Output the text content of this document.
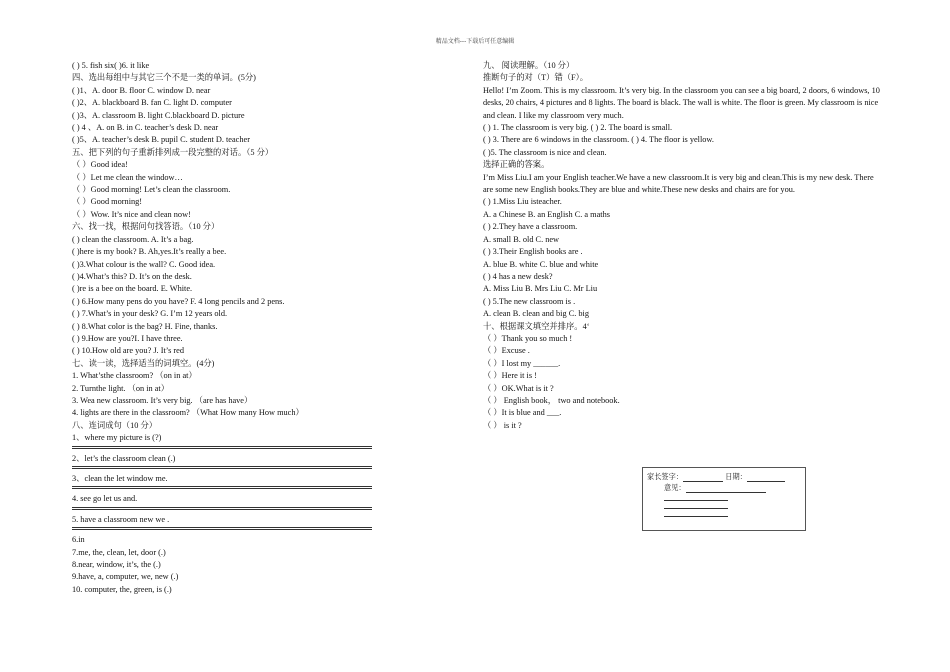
精品文档---下载后可任意编辑
( ) 5. fish six( )6. it like
四、选出每组中与其它三个不是一类的单词。(5分)
( )1、A. door B. floor C. window D. near
( )2、A. blackboard B. fan C. light D. computer
( )3、A. classroom B. light C.blackboard D. picture
( ) 4 、A. on B. in C. teacher’s desk D. near
( )5、A. teacher’s desk B. pupil C. student D. teacher
五、把下列的句子重新排列成一段完整的对话。（5 分）
（ ）Good idea!
（ ）Let me clean the window…
（ ）Good morning! Let’s clean the classroom.
（ ）Good morning!
（ ）Wow. It’s nice and clean now!
六、找一找，根据问句找答语。（10 分）
( ) clean the classroom. A. It’s a bag.
( )here is my book? B. Ah,yes.It’s really a bee.
( )3.What colour is the wall? C. Good idea.
( )4.What’s this? D. It’s on the desk.
( )re is a bee on the board. E. White.
( ) 6.How many pens do you have? F. 4 long pencils and 2 pens.
( ) 7.What’s in your desk? G. I’m 12 years old.
( ) 8.What color is the bag? H. Fine, thanks.
( ) 9.How are you?I. I have three.
( ) 10.How old are you? J. It’s red
七、读一读，选择适当的词填空。(4分)
1. What’sthe classroom? （on in at）
2. Turnthe light. （on in at）
3. Wea new classroom. It’s very big. （are has have）
4. lights are there in the classroom? （What How many How much）
八、连词成句（10 分）
1、where my picture is (?)
2、let’s the classroom clean (.)
3、clean the let window me.
4. see go let us and.
5. have a classroom new we .
6.in
7.me, the, clean, let, door (.)
8.near, window, it’s, the (.)
9.have, a, computer, we, new (.)
10. computer, the, green, is (.)
九、 阅读理解。（10 分）
推断句子的对（T）错（F）。
Hello! I’m Zoom. This is my classroom. It’s very big. In the classroom you can see a big board, 2 doors, 6 windows, 10 desks, 20 chairs, 4 pictures and 8 lights. The board is black. The wall is white. The floor is green. My classroom is nice and clean. I like my classroom very much.
( ) 1. The classroom is very big. ( ) 2. The board is small.
( ) 3. There are 6 windows in the classroom. ( ) 4. The floor is yellow.
( )5. The classroom is nice and clean.
选择正确的答案。
I’m Miss Liu.I am your English teacher.We have a new classroom.It is very big and clean.This is my new desk. There are some new English books.They are blue and white.These new desks and chairs are for you.
( ) 1.Miss Liu isteacher.
A. a Chinese B. an English C. a maths
( ) 2.They have a classroom.
A. small B. old C. new
( ) 3.Their English books are .
A. blue B. white C. blue and white
( ) 4 has a new desk?
A. Miss Liu B. Mrs Liu C. Mr Liu
( ) 5.The new classroom is .
A. clean B. clean and big C. big
十、根据课文填空并排序。4‘
（ ）Thank you so much !
（ ）Excuse .
（ ）I lost my ______.
（ ）Here it is !
（ ）OK.What is it ?
（ ） English book， two and notebook.
（ ）It is blue and ___.
（ ） is it ?
家长签字：	日期：
意见：
